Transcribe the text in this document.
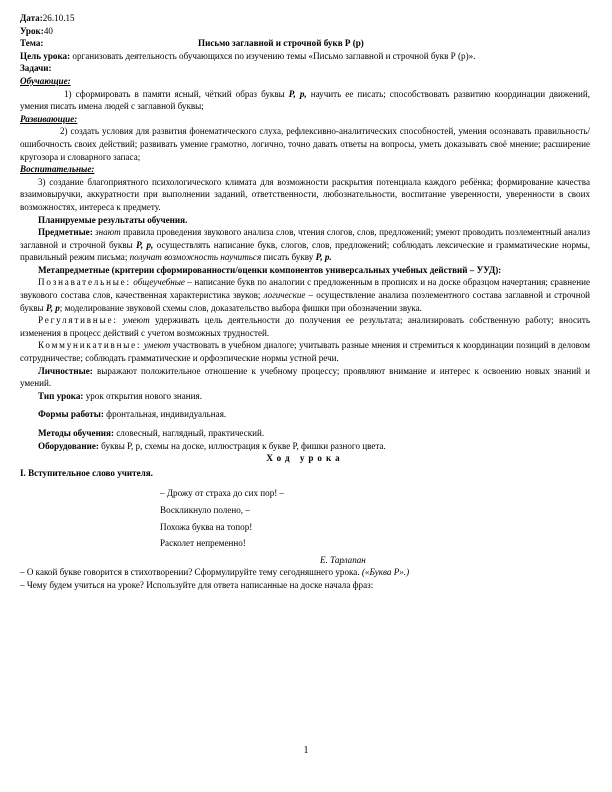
Дата:26.10.15

Урок:40

Тема:	Письмо заглавной и строчной букв Р (р)

Цель урока: организовать деятельность обучающихся по изучению темы «Письмо заглавной и строчной букв Р (р)».

Задачи:

Обучающие:

1) сформировать в памяти ясный, чёткий образ буквы Р, р, научить ее писать; способствовать развитию координации движений, умения писать имена людей с заглавной буквы;

Развивающие:

2) создать условия для развития фонематического слуха, рефлексивно-аналитических способностей, умения осознавать правильность/ошибочность своих действий; развивать умение грамотно, логично, точно давать ответы на вопросы, уметь доказывать своё мнение; расширение кругозора и словарного запаса;

Воспитательные:

3) создание благоприятного психологического климата для возможности раскрытия потенциала каждого ребёнка; формирование качества взаимовыручки, аккуратности при выполнении заданий, ответственности, любознательности, воспитание уверенности, уверенности в своих возможностях, интереса к предмету.

Планируемые результаты обучения.

Предметные: знают правила проведения звукового анализа слов, чтения слогов, слов, предложений; умеют проводить поэлементный анализ заглавной и строчной буквы Р, р, осуществлять написание букв, слогов, слов, предложений; соблюдать лексические и грамматические нормы, правильный режим письма; получат возможность научиться писать букву Р, р.

Метапредметные (критерии сформированности/оценки компонентов универсальных учебных действий – УУД):

Познавательные: общеучебные – написание букв по аналогии с предложенным в прописях и на доске образцом начертания; сравнение звукового состава слов, качественная характеристика звуков; логические – осуществление анализа поэлементного состава заглавной и строчной буквы Р, р; моделирование звуковой схемы слов, доказательство выбора фишки при обозначении звука.

Регулятивные: умеют удерживать цель деятельности до получения ее результата; анализировать собственную работу; вносить изменения в процесс действий с учетом возможных трудностей.

Коммуникативные: умеют участвовать в учебном диалоге; учитывать разные мнения и стремиться к координации позиций в деловом сотрудничестве; соблюдать грамматические и орфоэпические нормы устной речи.

Личностные: выражают положительное отношение к учебному процессу; проявляют внимание и интерес к освоению новых знаний и умений.

Тип урока: урок открытия нового знания.

Формы работы: фронтальная, индивидуальная.

Методы обучения: словесный, наглядный, практический.

Оборудование: буквы Р, р, схемы на доске, иллюстрация к букве Р, фишки разного цвета.

Ход урока

I. Вступительное слово учителя.

– Дрожу от страха до сих пор! –

Воскликнуло полено, –

Похожа буква на топор!

Расколет непременно!

Е. Тарлапан

– О какой букве говорится в стихотворении? Сформулируйте тему сегодняшнего урока. («Буква Р».)

– Чему будем учиться на уроке? Используйте для ответа написанные на доске начала фраз:

1
